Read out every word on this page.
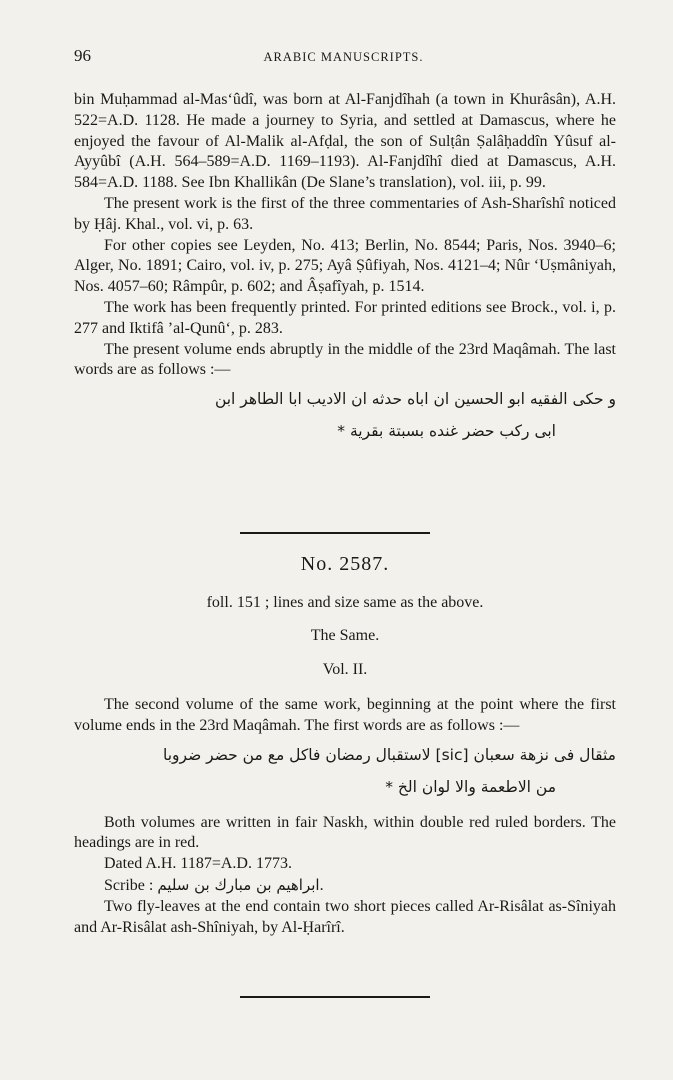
96	ARABIC MANUSCRIPTS.

bin Muḥammad al-Mas‘ûdî, was born at Al-Fanjdîhah (a town in Khurâsân), A.H. 522=A.D. 1128. He made a journey to Syria, and settled at Damascus, where he enjoyed the favour of Al-Malik al-Afḍal, the son of Sulṭân Ṣalâḥaddîn Yûsuf al-Ayyûbî (A.H. 564–589=A.D. 1169–1193). Al-Fanjdîhî died at Damascus, A.H. 584=A.D. 1188. See Ibn Khallikân (De Slane’s translation), vol. iii, p. 99.

The present work is the first of the three commentaries of Ash-Sharîshî noticed by Ḥâj. Khal., vol. vi, p. 63.

For other copies see Leyden, No. 413; Berlin, No. 8544; Paris, Nos. 3940–6; Alger, No. 1891; Cairo, vol. iv, p. 275; Ayâ Ṣûfiyah, Nos. 4121–4; Nûr ‘Uṣmâniyah, Nos. 4057–60; Râmpûr, p. 602; and Âṣafîyah, p. 1514.

The work has been frequently printed. For printed editions see Brock., vol. i, p. 277 and Iktifâ ’al-Qunû‘, p. 283.

The present volume ends abruptly in the middle of the 23rd Maqâmah. The last words are as follows :—

و حكى الفقيه ابو الحسين ان اباه حدثه ان الاديب ابا الطاهر ابن

ابى ركب حضر غنده بسبتة بقرية *

No. 2587.
foll. 151 ; lines and size same as the above.
The Same.
Vol. II.

The second volume of the same work, beginning at the point where the first volume ends in the 23rd Maqâmah. The first words are as follows :—

مثقال فى نزهة سعبان [sic] لاستقبال رمضان فاكل مع من حضر ضروبا

من الاطعمة والا لوان الخ *

Both volumes are written in fair Naskh, within double red ruled borders. The headings are in red.

Dated A.H. 1187=A.D. 1773.

Scribe : ابراهيم بن مبارك بن سليم.

Two fly-leaves at the end contain two short pieces called Ar-Risâlat as-Sîniyah and Ar-Risâlat ash-Shîniyah, by Al-Ḥarîrî.
